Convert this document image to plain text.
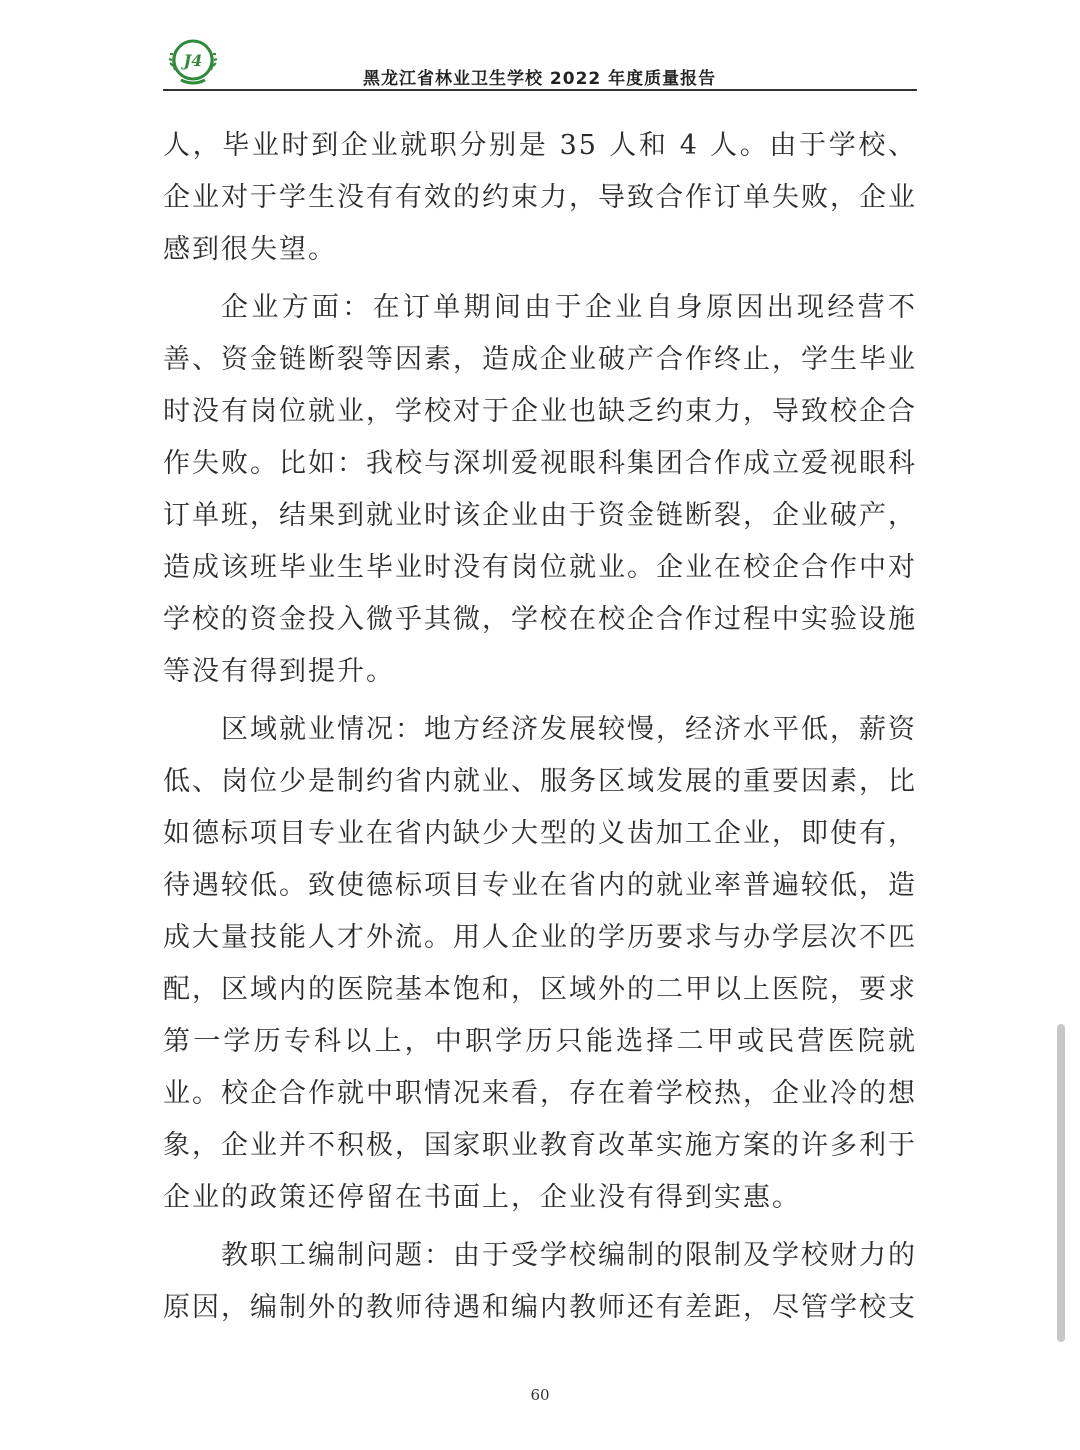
J4
黑龙江省林业卫生学校 2022 年度质量报告

人，毕业时到企业就职分别是 35 人和 4 人。由于学校、企业对于学生没有有效的约束力，导致合作订单失败，企业感到很失望。

企业方面：在订单期间由于企业自身原因出现经营不善、资金链断裂等因素，造成企业破产合作终止，学生毕业时没有岗位就业，学校对于企业也缺乏约束力，导致校企合作失败。比如：我校与深圳爱视眼科集团合作成立爱视眼科订单班，结果到就业时该企业由于资金链断裂，企业破产，造成该班毕业生毕业时没有岗位就业。企业在校企合作中对学校的资金投入微乎其微，学校在校企合作过程中实验设施等没有得到提升。

区域就业情况：地方经济发展较慢，经济水平低，薪资低、岗位少是制约省内就业、服务区域发展的重要因素，比如德标项目专业在省内缺少大型的义齿加工企业，即使有，待遇较低。致使德标项目专业在省内的就业率普遍较低，造成大量技能人才外流。用人企业的学历要求与办学层次不匹配，区域内的医院基本饱和，区域外的二甲以上医院，要求第一学历专科以上，中职学历只能选择二甲或民营医院就业。校企合作就中职情况来看，存在着学校热，企业冷的想象，企业并不积极，国家职业教育改革实施方案的许多利于企业的政策还停留在书面上，企业没有得到实惠。

教职工编制问题：由于受学校编制的限制及学校财力的原因，编制外的教师待遇和编内教师还有差距，尽管学校支

60
